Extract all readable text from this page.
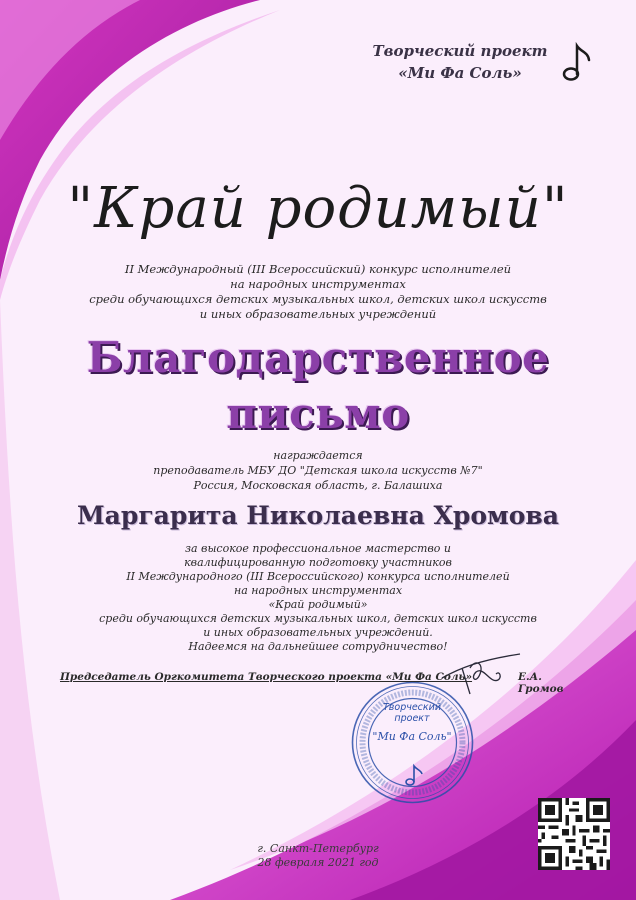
Творческий проект
«Ми Фа Соль»
"Край родимый"
II Международный (III Всероссийский) конкурс исполнителей
на народных инструментах
среди обучающихся детских музыкальных школ, детских школ искусств
и иных образовательных учреждений
Благодарственное
письмо
награждается
преподаватель МБУ ДО "Детская школа искусств №7"
Россия, Московская область, г. Балашиха
Маргарита Николаевна Хромова
за высокое профессиональное мастерство и
квалифицированную подготовку участников
II Международного (III Всероссийского) конкурса исполнителей
на народных инструментах
«Край родимый»
среди обучающихся детских музыкальных школ, детских школ искусств
и иных образовательных учреждений.
Надеемся на дальнейшее сотрудничество!
Творческий
проект
"Ми Фа Соль"
Председатель Оргкомитета Творческого проекта «Ми Фа Соль»	Е.А. Громов
г. Санкт-Петербург
28 февраля 2021 год
